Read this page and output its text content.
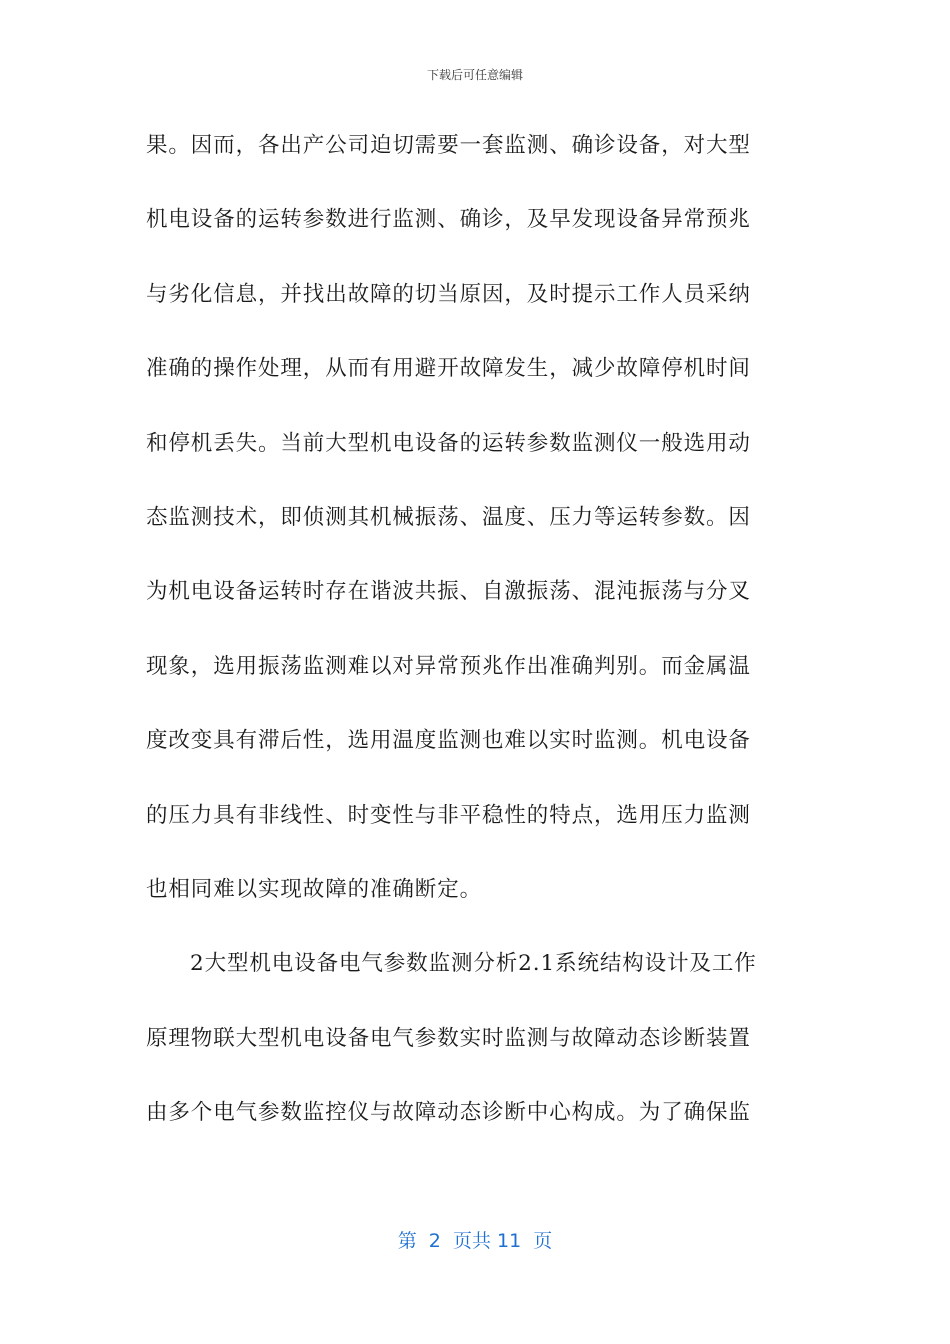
下载后可任意编辑
果。因而，各出产公司迫切需要一套监测、确诊设备，对大型
机电设备的运转参数进行监测、确诊，及早发现设备异常预兆
与劣化信息，并找出故障的切当原因，及时提示工作人员采纳
准确的操作处理，从而有用避开故障发生，减少故障停机时间
和停机丢失。当前大型机电设备的运转参数监测仪一般选用动
态监测技术，即侦测其机械振荡、温度、压力等运转参数。因
为机电设备运转时存在谐波共振、自激振荡、混沌振荡与分叉
现象，选用振荡监测难以对异常预兆作出准确判别。而金属温
度改变具有滞后性，选用温度监测也难以实时监测。机电设备
的压力具有非线性、时变性与非平稳性的特点，选用压力监测
也相同难以实现故障的准确断定。
2大型机电设备电气参数监测分析2.1系统结构设计及工作
原理物联大型机电设备电气参数实时监测与故障动态诊断装置
由多个电气参数监控仪与故障动态诊断中心构成。为了确保监
第  2  页共 11  页
